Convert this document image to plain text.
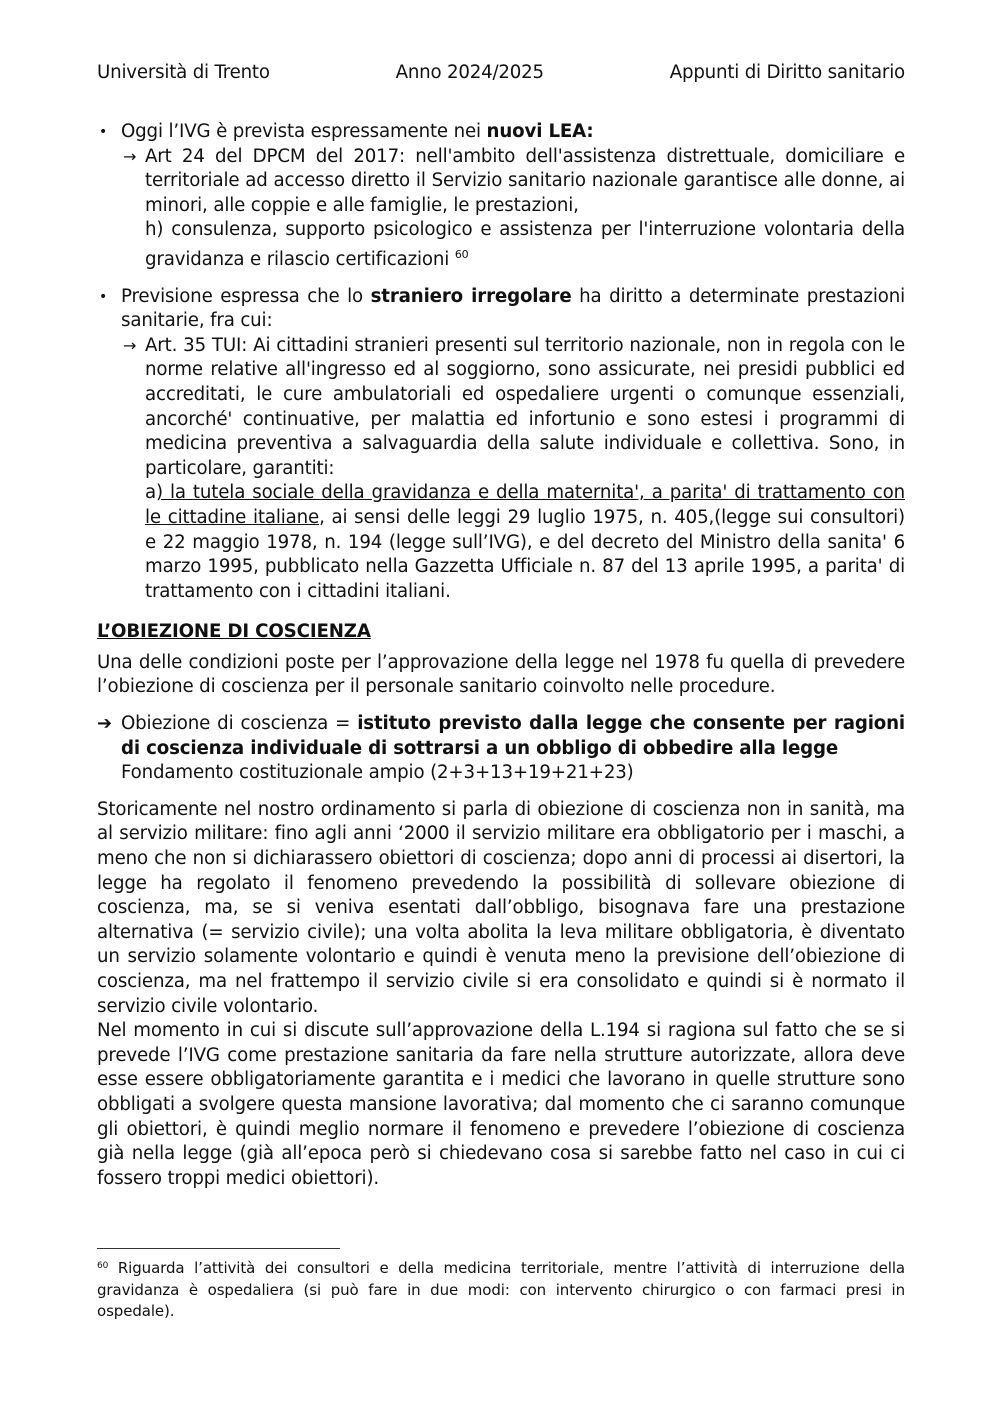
Università di Trento	Anno 2024/2025	Appunti di Diritto sanitario
• Oggi l’IVG è prevista espressamente nei nuovi LEA:
→ Art 24 del DPCM del 2017: nell'ambito dell'assistenza distrettuale, domiciliare e territoriale ad accesso diretto il Servizio sanitario nazionale garantisce alle donne, ai minori, alle coppie e alle famiglie, le prestazioni,
h) consulenza, supporto psicologico e assistenza per l'interruzione volontaria della gravidanza e rilascio certificazioni $^{60}$
• Previsione espressa che lo straniero irregolare ha diritto a determinate prestazioni sanitarie, fra cui:
→ Art. 35 TUI: Ai cittadini stranieri presenti sul territorio nazionale, non in regola con le norme relative all'ingresso ed al soggiorno, sono assicurate, nei presidi pubblici ed accreditati, le cure ambulatoriali ed ospedaliere urgenti o comunque essenziali, ancorché' continuative, per malattia ed infortunio e sono estesi i programmi di medicina preventiva a salvaguardia della salute individuale e collettiva. Sono, in particolare, garantiti:
a) la tutela sociale della gravidanza e della maternita', a parita' di trattamento con le cittadine italiane, ai sensi delle leggi 29 luglio 1975, n. 405,(legge sui consultori) e 22 maggio 1978, n. 194 (legge sull’IVG), e del decreto del Ministro della sanita' 6 marzo 1995, pubblicato nella Gazzetta Ufficiale n. 87 del 13 aprile 1995, a parita' di trattamento con i cittadini italiani.
L’OBIEZIONE DI COSCIENZA
Una delle condizioni poste per l’approvazione della legge nel 1978 fu quella di prevedere l’obiezione di coscienza per il personale sanitario coinvolto nelle procedure.
➔ Obiezione di coscienza = istituto previsto dalla legge che consente per ragioni di coscienza individuale di sottrarsi a un obbligo di obbedire alla legge
Fondamento costituzionale ampio (2+3+13+19+21+23)
Storicamente nel nostro ordinamento si parla di obiezione di coscienza non in sanità, ma al servizio militare: fino agli anni ‘2000 il servizio militare era obbligatorio per i maschi, a meno che non si dichiarassero obiettori di coscienza; dopo anni di processi ai disertori, la legge ha regolato il fenomeno prevedendo la possibilità di sollevare obiezione di coscienza, ma, se si veniva esentati dall’obbligo, bisognava fare una prestazione alternativa (= servizio civile); una volta abolita la leva militare obbligatoria, è diventato un servizio solamente volontario e quindi è venuta meno la previsione dell’obiezione di coscienza, ma nel frattempo il servizio civile si era consolidato e quindi si è normato il servizio civile volontario.
Nel momento in cui si discute sull’approvazione della L.194 si ragiona sul fatto che se si prevede l’IVG come prestazione sanitaria da fare nella strutture autorizzate, allora deve esse essere obbligatoriamente garantita e i medici che lavorano in quelle strutture sono obbligati a svolgere questa mansione lavorativa; dal momento che ci saranno comunque gli obiettori, è quindi meglio normare il fenomeno e prevedere l’obiezione di coscienza già nella legge (già all’epoca però si chiedevano cosa si sarebbe fatto nel caso in cui ci fossero troppi medici obiettori).
$^{60}$ Riguarda l’attività dei consultori e della medicina territoriale, mentre l’attività di interruzione della gravidanza è ospedaliera (si può fare in due modi: con intervento chirurgico o con farmaci presi in ospedale).
